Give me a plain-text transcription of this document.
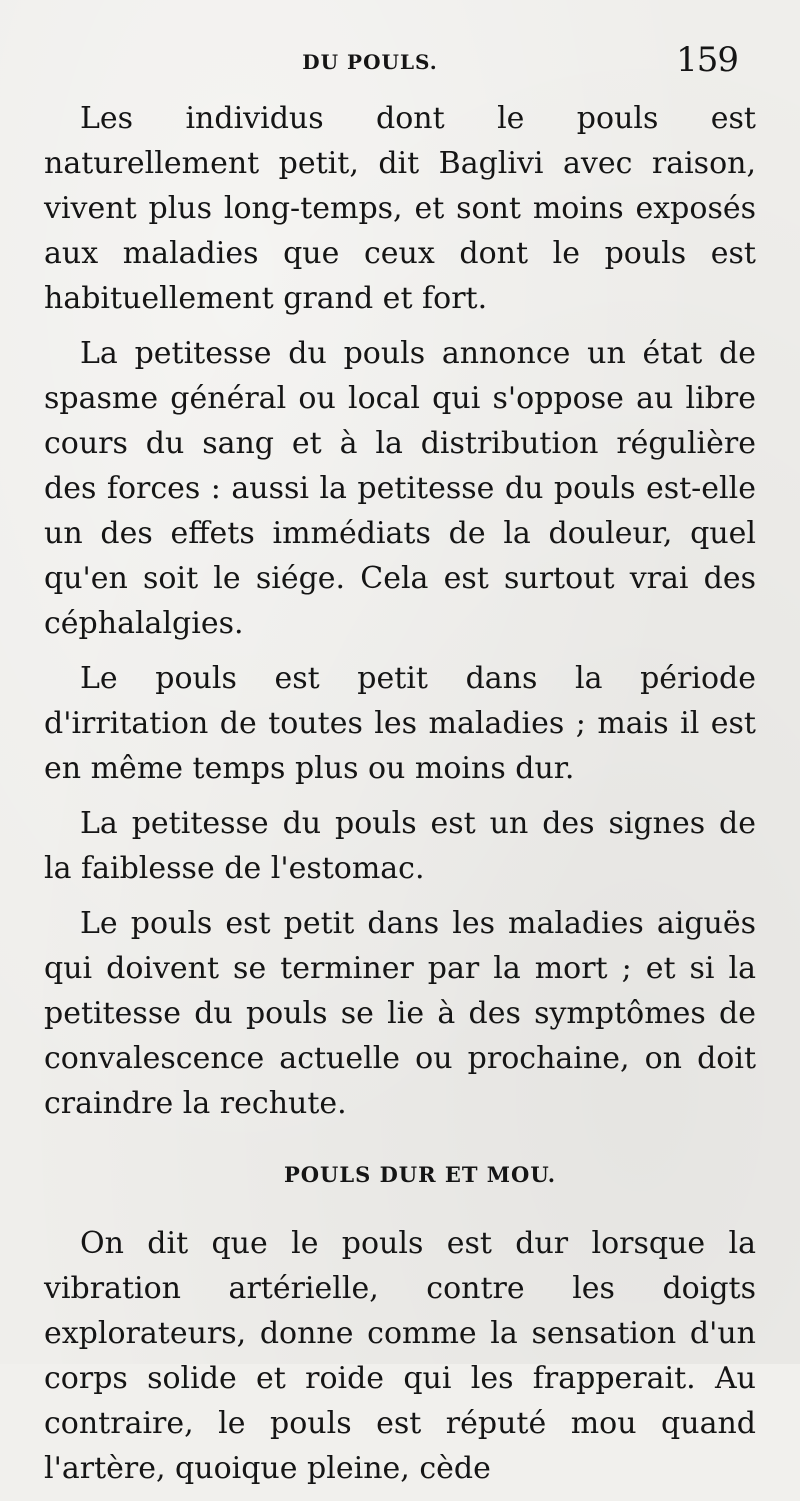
DU POULS.	159

Les individus dont le pouls est naturellement petit, dit Baglivi avec raison, vivent plus long-temps, et sont moins exposés aux maladies que ceux dont le pouls est habituellement grand et fort.

La petitesse du pouls annonce un état de spasme général ou local qui s'oppose au libre cours du sang et à la distribution régulière des forces : aussi la petitesse du pouls est-elle un des effets immédiats de la douleur, quel qu'en soit le siége. Cela est surtout vrai des céphalalgies.

Le pouls est petit dans la période d'irritation de toutes les maladies ; mais il est en même temps plus ou moins dur.

La petitesse du pouls est un des signes de la faiblesse de l'estomac.

Le pouls est petit dans les maladies aiguës qui doivent se terminer par la mort ; et si la petitesse du pouls se lie à des symptômes de convalescence actuelle ou prochaine, on doit craindre la rechute.

POULS DUR ET MOU.

On dit que le pouls est dur lorsque la vibration artérielle, contre les doigts explorateurs, donne comme la sensation d'un corps solide et roide qui les frapperait. Au contraire, le pouls est réputé mou quand l'artère, quoique pleine, cède
